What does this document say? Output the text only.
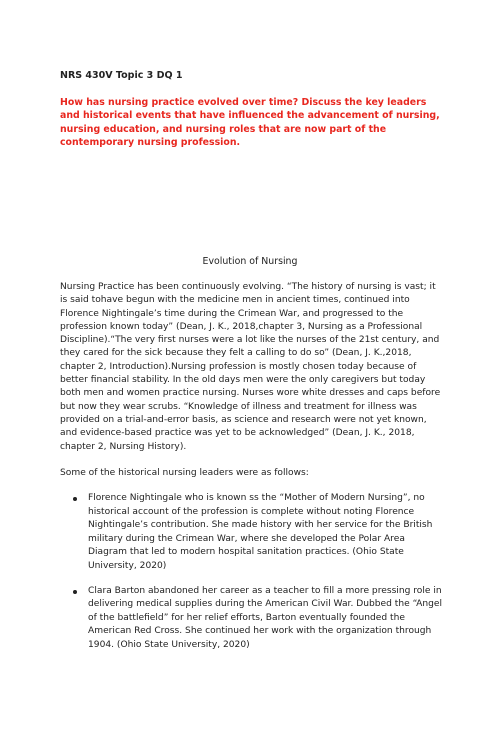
NRS 430V Topic 3 DQ 1
How has nursing practice evolved over time? Discuss the key leaders and historical events that have influenced the advancement of nursing, nursing education, and nursing roles that are now part of the contemporary nursing profession.
Evolution of Nursing
Nursing Practice has been continuously evolving. “The history of nursing is vast; it is said tohave begun with the medicine men in ancient times, continued into Florence Nightingale’s time during the Crimean War, and progressed to the profession known today” (Dean, J. K., 2018,chapter 3, Nursing as a Professional Discipline).“The very first nurses were a lot like the nurses of the 21st century, and they cared for the sick because they felt a calling to do so” (Dean, J. K.,2018, chapter 2, Introduction).Nursing profession is mostly chosen today because of better financial stability. In the old days men were the only caregivers but today both men and women practice nursing. Nurses wore white dresses and caps before but now they wear scrubs. “Knowledge of illness and treatment for illness was provided on a trial-and-error basis, as science and research were not yet known, and evidence-based practice was yet to be acknowledged” (Dean, J. K., 2018, chapter 2, Nursing History).
Some of the historical nursing leaders were as follows:
Florence Nightingale who is known ss the “Mother of Modern Nursing”, no historical account of the profession is complete without noting Florence Nightingale’s contribution. She made history with her service for the British military during the Crimean War, where she developed the Polar Area Diagram that led to modern hospital sanitation practices. (Ohio State University, 2020)
Clara Barton abandoned her career as a teacher to fill a more pressing role in delivering medical supplies during the American Civil War. Dubbed the “Angel of the battlefield” for her relief efforts, Barton eventually founded the American Red Cross. She continued her work with the organization through 1904. (Ohio State University, 2020)
